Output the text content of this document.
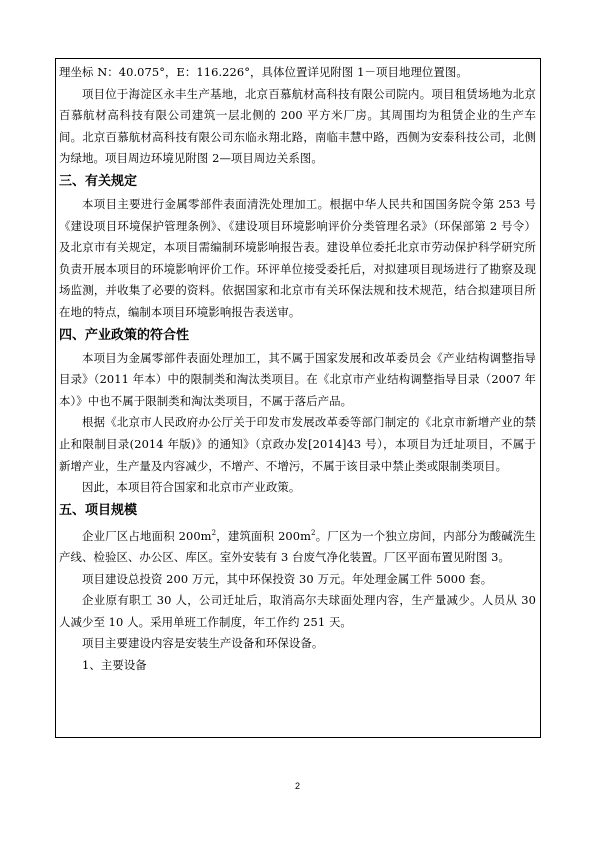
理坐标 N：40.075°，E：116.226°，具体位置详见附图 1－项目地理位置图。

项目位于海淀区永丰生产基地，北京百慕航材高科技有限公司院内。项目租赁场地为北京百慕航材高科技有限公司建筑一层北侧的 200 平方米厂房。其周围均为租赁企业的生产车间。北京百慕航材高科技有限公司东临永翔北路，南临丰慧中路，西侧为安泰科技公司，北侧为绿地。项目周边环境见附图 2—项目周边关系图。

三、有关规定

本项目主要进行金属零部件表面清洗处理加工。根据中华人民共和国国务院令第 253 号《建设项目环境保护管理条例》、《建设项目环境影响评价分类管理名录》（环保部第 2 号令）及北京市有关规定，本项目需编制环境影响报告表。建设单位委托北京市劳动保护科学研究所负责开展本项目的环境影响评价工作。环评单位接受委托后，对拟建项目现场进行了勘察及现场监测，并收集了必要的资料。依据国家和北京市有关环保法规和技术规范，结合拟建项目所在地的特点，编制本项目环境影响报告表送审。

四、产业政策的符合性

本项目为金属零部件表面处理加工，其不属于国家发展和改革委员会《产业结构调整指导目录》（2011 年本）中的限制类和淘汰类项目。在《北京市产业结构调整指导目录（2007 年本）》中也不属于限制类和淘汰类项目，不属于落后产品。

根据《北京市人民政府办公厅关于印发市发展改革委等部门制定的《北京市新增产业的禁止和限制目录(2014 年版)》的通知》（京政办发[2014]43 号），本项目为迁址项目，不属于新增产业，生产量及内容减少，不增产、不增污，不属于该目录中禁止类或限制类项目。

因此，本项目符合国家和北京市产业政策。

五、项目规模

企业厂区占地面积 $200m^2$，建筑面积 $200m^2$。厂区为一个独立房间，内部分为酸碱洗生产线、检验区、办公区、库区。室外安装有 3 台废气净化装置。厂区平面布置见附图 3。

项目建设总投资 200 万元，其中环保投资 30 万元。年处理金属工件 5000 套。

企业原有职工 30 人，公司迁址后，取消高尔夫球面处理内容，生产量减少。人员从 30 人减少至 10 人。采用单班工作制度，年工作约 251 天。

项目主要建设内容是安装生产设备和环保设备。

1、主要设备

2
